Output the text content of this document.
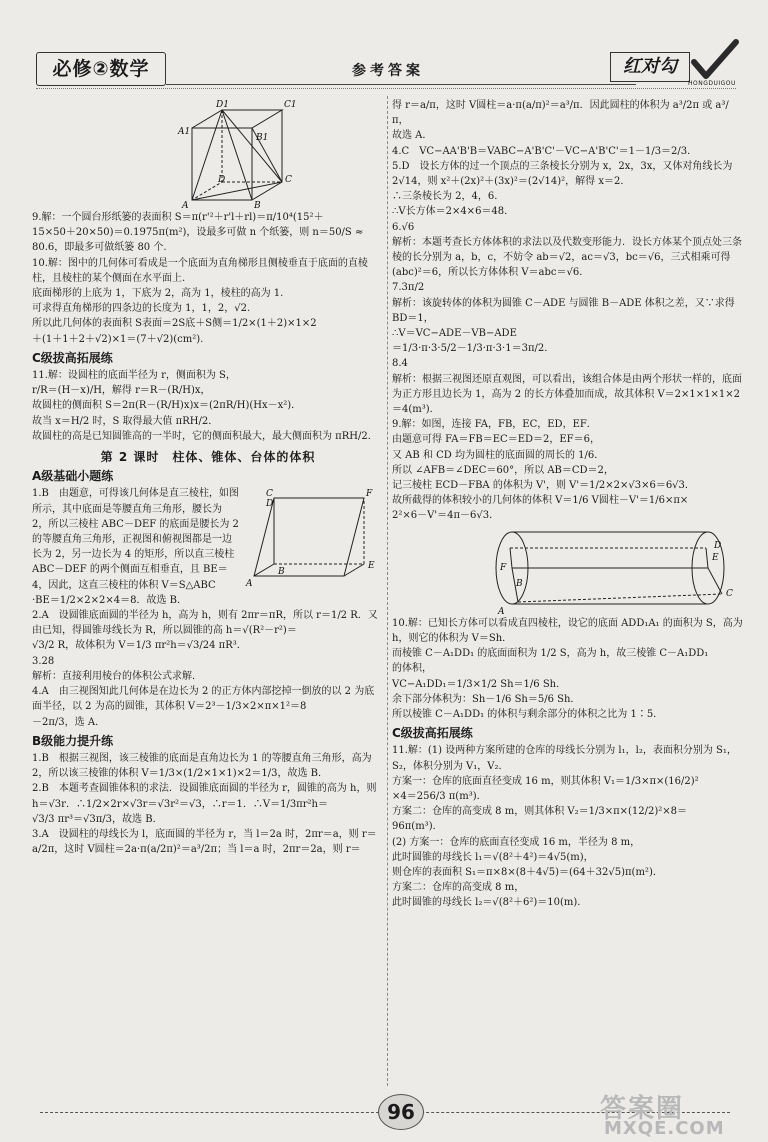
必修②数学	参考答案	红对勾
HONGDUIGOU
D1	C1
A1
B1
D	C
A	B

9.解：一个圆台形纸篓的表面积 S＝π(r'²＋r'l＋rl)＝π/10⁴(15²＋

15×50＋20×50)＝0.1975π(m²)，设最多可做 n 个纸篓，则 n＝50/S ≈

80.6，即最多可做纸篓 80 个.

10.解：图中的几何体可看成是一个底面为直角梯形且侧棱垂直于底面的直棱柱，且棱柱的某个侧面在水平面上.

底面梯形的上底为 1，下底为 2，高为 1，棱柱的高为 1.

可求得直角梯形的四条边的长度为 1，1，2，√2.

所以此几何体的表面积 S表面＝2S底＋S侧＝1/2×(1＋2)×1×2

＋(1＋1＋2＋√2)×1＝(7＋√2)(cm²).

C级拔高拓展练

11.解：设圆柱的底面半径为 r，侧面积为 S，

r/R＝(H－x)/H，解得 r＝R－(R/H)x，

故圆柱的侧面积 S＝2π(R－(R/H)x)x＝(2πR/H)(Hx－x²)．

故当 x＝H/2 时，S 取得最大值 πRH/2．

故圆柱的高是已知圆锥高的一半时，它的侧面积最大，最大侧面积为 πRH/2．

第 2 课时　柱体、锥体、台体的体积
A级基础小题练
F
C
D
E
A
B

1.B　由题意，可得该几何体是直三棱柱，如图所示，其中底面是等腰直角三角形，腰长为 2，所以三棱柱 ABC－DEF 的底面是腰长为 2 的等腰直角三角形，正视图和俯视图都是一边长为 2，另一边长为 4 的矩形，所以直三棱柱 ABC－DEF 的两个侧面互相垂直，且 BE＝4，因此，这直三棱柱的体积 V＝S△ABC

·BE＝1/2×2×2×4＝8．故选 B．

2.A　设圆锥底面圆的半径为 h，高为 h，则有 2πr＝πR，所以 r＝1/2 R．又由已知，得圆锥母线长为 R，所以圆锥的高 h＝√(R²－r²)＝

√3/2 R，故体积为 V＝1/3 πr²h＝√3/24 πR³．

3.28

解析：直接利用棱台的体积公式求解．

4.A　由三视图知此几何体是在边长为 2 的正方体内部挖掉一倒放的以 2 为底面半径，以 2 为高的圆锥，其体积 V＝2³－1/3×2×π×1²＝8

－2π/3，选 A．

B级能力提升练

1.B　根据三视图，该三棱锥的底面是直角边长为 1 的等腰直角三角形，高为 2，所以该三棱锥的体积 V＝1/3×(1/2×1×1)×2＝1/3，故选 B．

2.B　本题考查圆锥体积的求法．设圆锥底面圆的半径为 r，圆锥的高为 h，则 h＝√3r．∴1/2×2r×√3r＝√3r²＝√3，∴r＝1．∴V＝1/3πr²h＝

√3/3 πr³＝√3π/3，故选 B．

3.A　设圆柱的母线长为 l，底面圆的半径为 r，当 l＝2a 时，2πr＝a，则 r＝a/2π，这时 V圆柱＝2a·π(a/2π)²＝a³/2π；当 l＝a 时，2πr＝2a，则 r＝

得 r＝a/π，这时 V圆柱＝a·π(a/π)²＝a³/π．因此圆柱的体积为 a³/2π 或 a³/π，

故选 A．

4.C　VC−AA'B'B＝VABC−A'B'C'－VC−A'B'C'＝1－1/3＝2/3．

5.D　设长方体的过一个顶点的三条棱长分别为 x，2x，3x，又体对角线长为 2√14，则 x²＋(2x)²＋(3x)²＝(2√14)²，解得 x＝2．

∴三条棱长为 2，4，6．

∴V长方体＝2×4×6＝48．

6.√6

解析：本题考查长方体体积的求法以及代数变形能力．设长方体某个顶点处三条棱的长分别为 a，b，c，不妨令 ab＝√2，ac＝√3，bc＝√6，三式相乘可得

(abc)²＝6，所以长方体体积 V＝abc＝√6．

7.3π/2

解析：该旋转体的体积为圆锥 C－ADE 与圆锥 B－ADE 体积之差，又∵求得 BD＝1，

∴V＝VC−ADE－VB−ADE

＝1/3·π·3·5/2－1/3·π·3·1＝3π/2．

8.4

解析：根据三视图还原直观图，可以看出，该组合体是由两个形状一样的，底面为正方形且边长为 1，高为 2 的长方体叠加而成，故其体积 V＝2×1×1×1×2＝4(m³)．

9.解：如图，连接 FA，FB，EC，ED，EF．

由题意可得 FA＝FB＝EC＝ED＝2，EF＝6，

又 AB 和 CD 均为圆柱的底面圆的周长的 1/6．

所以 ∠AFB＝∠DEC＝60°，所以 AB＝CD＝2，

记三棱柱 ECD－FBA 的体积为 V'，则 V'＝1/2×2×√3×6＝6√3．

故所截得的体积较小的几何体的体积 V＝1/6 V圆柱－V'＝1/6×π×

2²×6－V'＝4π－6√3．

F
E
D
C
A
B

10.解：已知长方体可以看成直四棱柱，设它的底面 ADD₁A₁ 的面积为 S，高为 h，则它的体积为 V＝Sh．

而棱锥 C－A₁DD₁ 的底面面积为 1/2 S，高为 h，故三棱锥 C－A₁DD₁

的体积，

VC−A₁DD₁＝1/3×1/2 Sh＝1/6 Sh．

余下部分体积为：Sh－1/6 Sh＝5/6 Sh．

所以棱锥 C－A₁DD₁ 的体积与剩余部分的体积之比为 1∶5．

C级拔高拓展练

11.解：(1) 设两种方案所建的仓库的母线长分别为 l₁，l₂，表面积分别为 S₁，S₂，体积分别为 V₁，V₂．

方案一：仓库的底面直径变成 16 m，则其体积 V₁＝1/3×π×(16/2)²

×4＝256/3 π(m³)．

方案二：仓库的高变成 8 m，则其体积 V₂＝1/3×π×(12/2)²×8＝

96π(m³)．

(2) 方案一：仓库的底面直径变成 16 m，半径为 8 m，

此时圆锥的母线长 l₁＝√(8²＋4²)＝4√5(m)，

则仓库的表面积 S₁＝π×8×(8＋4√5)＝(64＋32√5)π(m²)．

方案二：仓库的高变成 8 m，

此时圆锥的母线长 l₂＝√(8²＋6²)＝10(m)．

96	答案圈
MXQE.COM
